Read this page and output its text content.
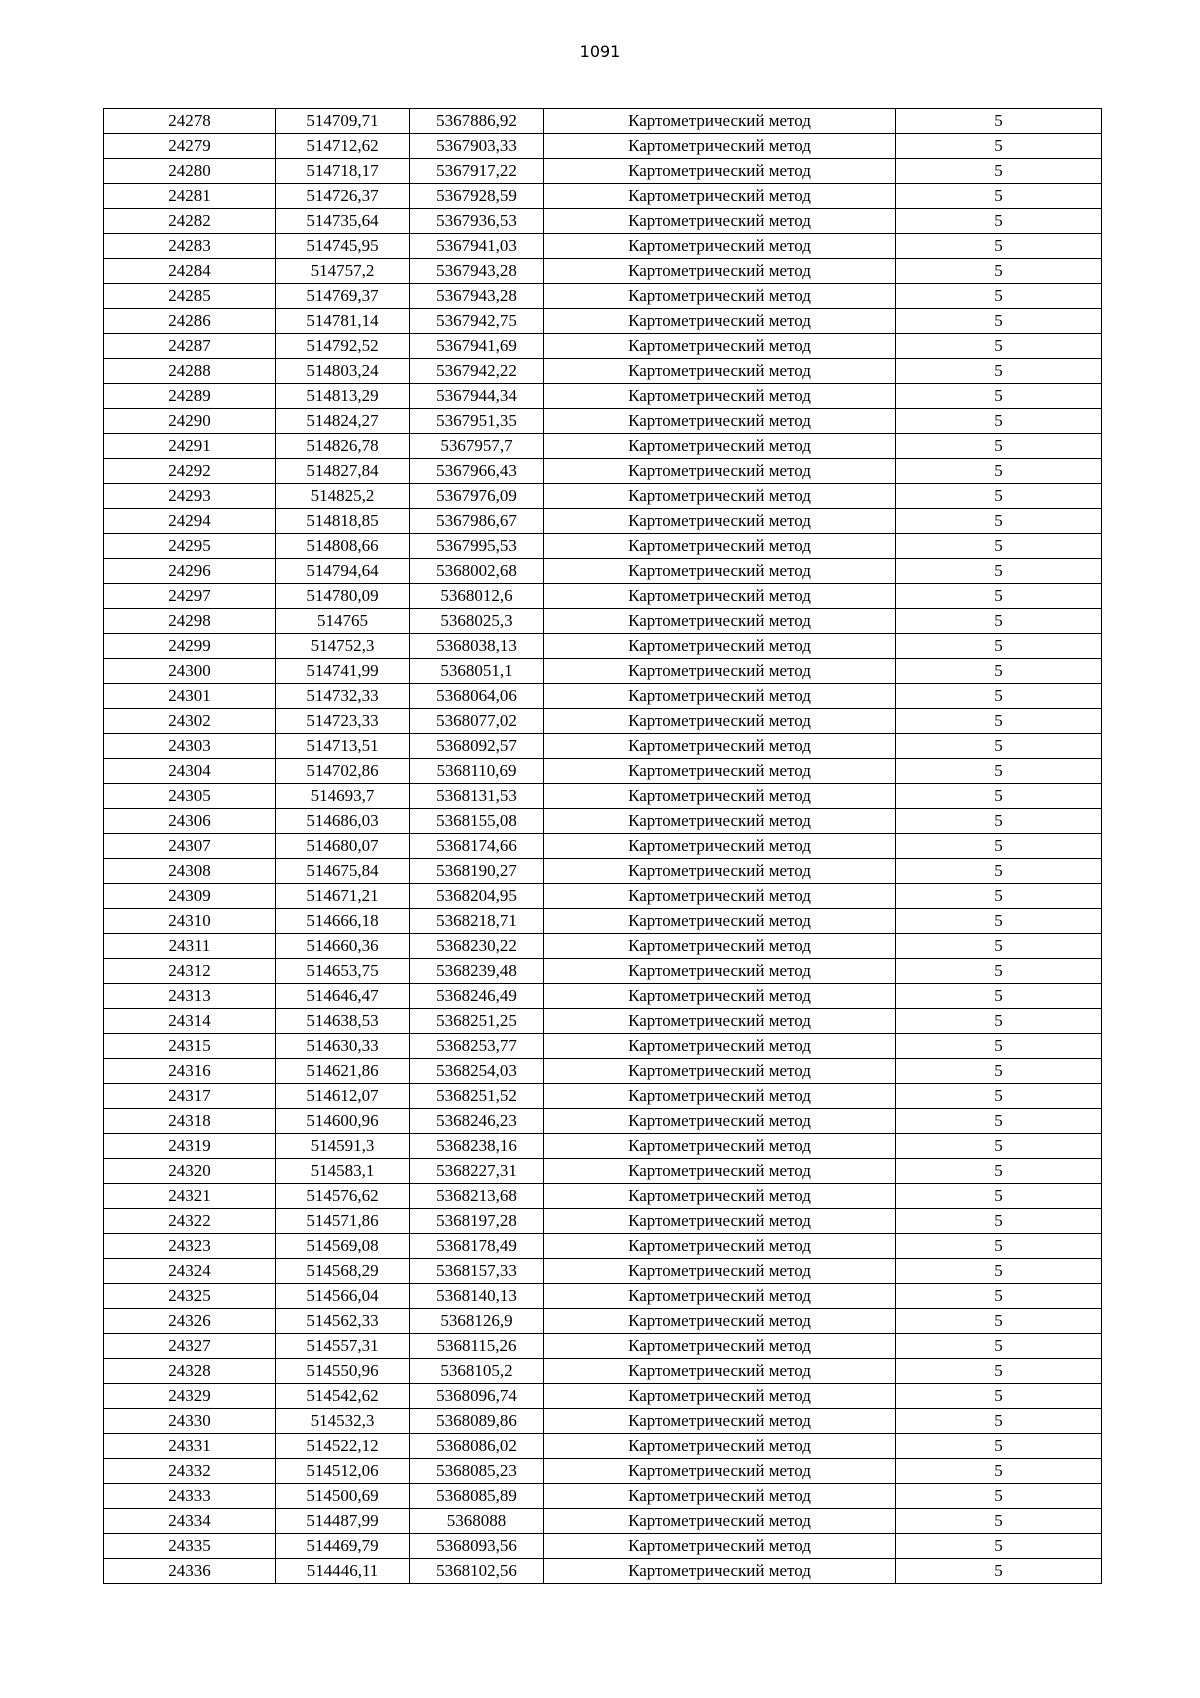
1091
24278	514709,71	5367886,92	Картометрический метод	5
24279	514712,62	5367903,33	Картометрический метод	5
24280	514718,17	5367917,22	Картометрический метод	5
24281	514726,37	5367928,59	Картометрический метод	5
24282	514735,64	5367936,53	Картометрический метод	5
24283	514745,95	5367941,03	Картометрический метод	5
24284	514757,2	5367943,28	Картометрический метод	5
24285	514769,37	5367943,28	Картометрический метод	5
24286	514781,14	5367942,75	Картометрический метод	5
24287	514792,52	5367941,69	Картометрический метод	5
24288	514803,24	5367942,22	Картометрический метод	5
24289	514813,29	5367944,34	Картометрический метод	5
24290	514824,27	5367951,35	Картометрический метод	5
24291	514826,78	5367957,7	Картометрический метод	5
24292	514827,84	5367966,43	Картометрический метод	5
24293	514825,2	5367976,09	Картометрический метод	5
24294	514818,85	5367986,67	Картометрический метод	5
24295	514808,66	5367995,53	Картометрический метод	5
24296	514794,64	5368002,68	Картометрический метод	5
24297	514780,09	5368012,6	Картометрический метод	5
24298	514765	5368025,3	Картометрический метод	5
24299	514752,3	5368038,13	Картометрический метод	5
24300	514741,99	5368051,1	Картометрический метод	5
24301	514732,33	5368064,06	Картометрический метод	5
24302	514723,33	5368077,02	Картометрический метод	5
24303	514713,51	5368092,57	Картометрический метод	5
24304	514702,86	5368110,69	Картометрический метод	5
24305	514693,7	5368131,53	Картометрический метод	5
24306	514686,03	5368155,08	Картометрический метод	5
24307	514680,07	5368174,66	Картометрический метод	5
24308	514675,84	5368190,27	Картометрический метод	5
24309	514671,21	5368204,95	Картометрический метод	5
24310	514666,18	5368218,71	Картометрический метод	5
24311	514660,36	5368230,22	Картометрический метод	5
24312	514653,75	5368239,48	Картометрический метод	5
24313	514646,47	5368246,49	Картометрический метод	5
24314	514638,53	5368251,25	Картометрический метод	5
24315	514630,33	5368253,77	Картометрический метод	5
24316	514621,86	5368254,03	Картометрический метод	5
24317	514612,07	5368251,52	Картометрический метод	5
24318	514600,96	5368246,23	Картометрический метод	5
24319	514591,3	5368238,16	Картометрический метод	5
24320	514583,1	5368227,31	Картометрический метод	5
24321	514576,62	5368213,68	Картометрический метод	5
24322	514571,86	5368197,28	Картометрический метод	5
24323	514569,08	5368178,49	Картометрический метод	5
24324	514568,29	5368157,33	Картометрический метод	5
24325	514566,04	5368140,13	Картометрический метод	5
24326	514562,33	5368126,9	Картометрический метод	5
24327	514557,31	5368115,26	Картометрический метод	5
24328	514550,96	5368105,2	Картометрический метод	5
24329	514542,62	5368096,74	Картометрический метод	5
24330	514532,3	5368089,86	Картометрический метод	5
24331	514522,12	5368086,02	Картометрический метод	5
24332	514512,06	5368085,23	Картометрический метод	5
24333	514500,69	5368085,89	Картометрический метод	5
24334	514487,99	5368088	Картометрический метод	5
24335	514469,79	5368093,56	Картометрический метод	5
24336	514446,11	5368102,56	Картометрический метод	5
